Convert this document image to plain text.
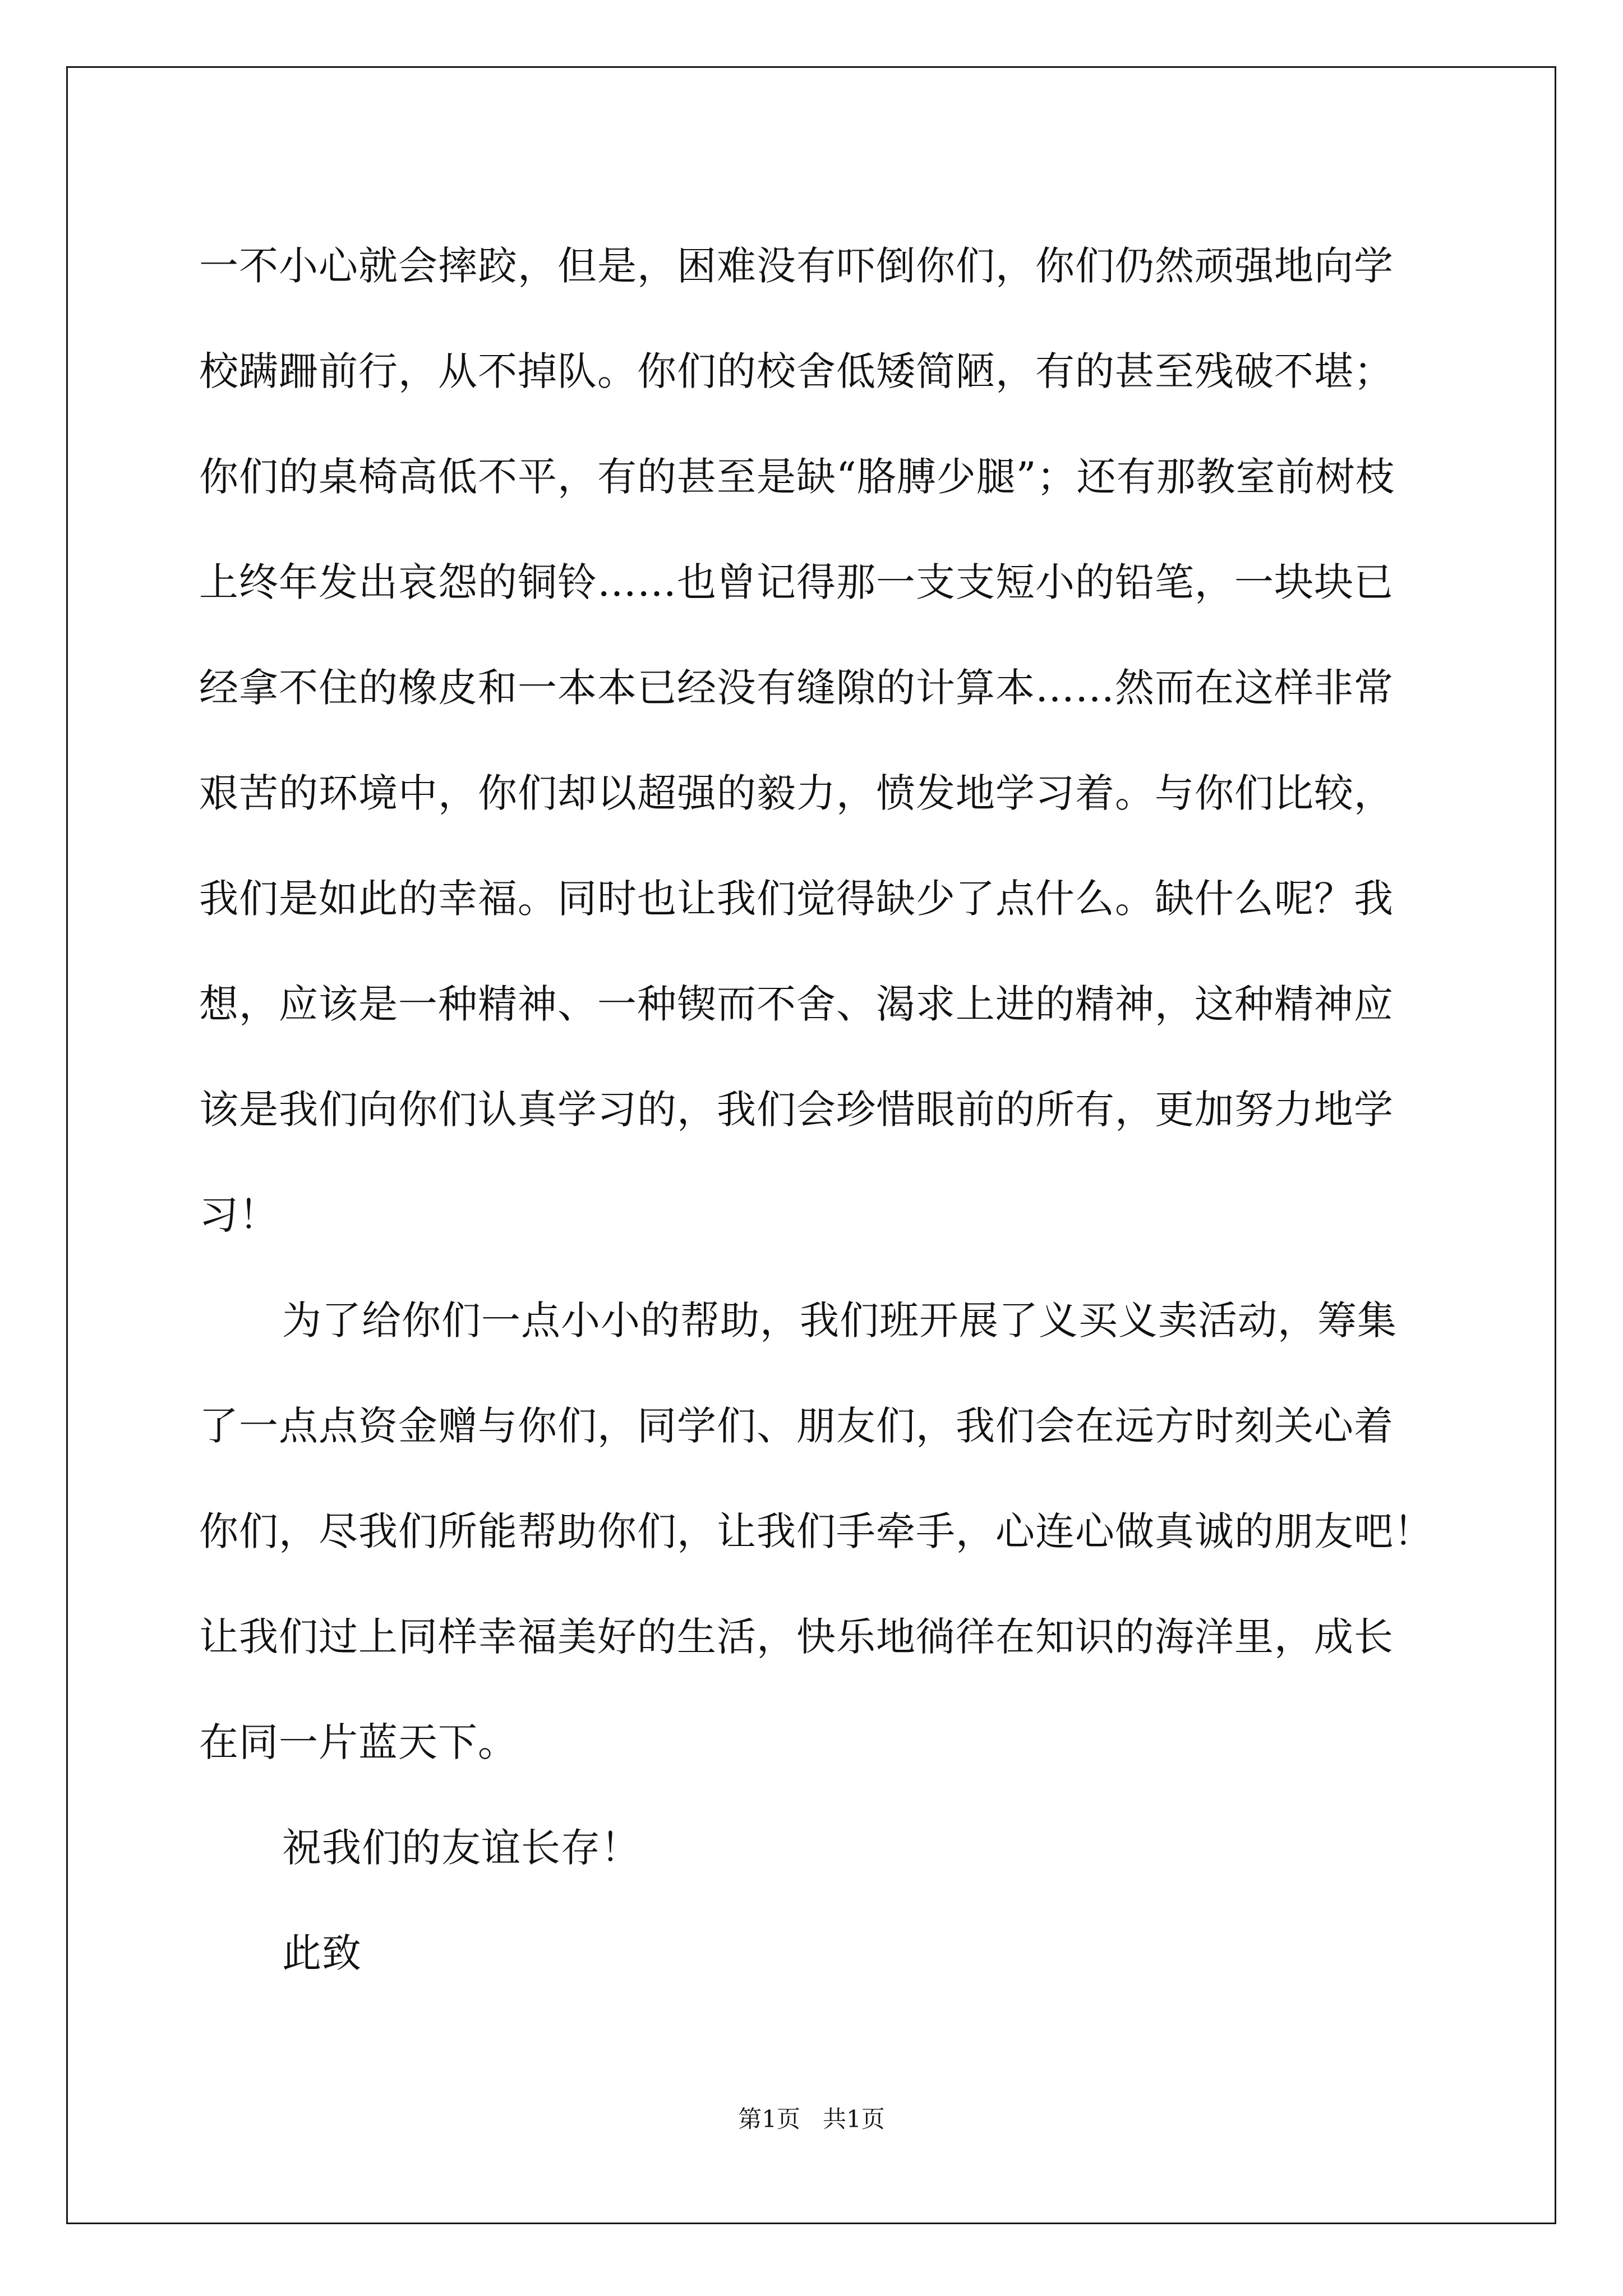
一不小心就会摔跤，但是，困难没有吓倒你们，你们仍然顽强地向学
校蹒跚前行，从不掉队。你们的校舍低矮简陋，有的甚至残破不堪；
你们的桌椅高低不平，有的甚至是缺“胳膊少腿”；还有那教室前树枝
上终年发出哀怨的铜铃……也曾记得那一支支短小的铅笔，一块块已
经拿不住的橡皮和一本本已经没有缝隙的计算本……然而在这样非常
艰苦的环境中，你们却以超强的毅力，愤发地学习着。与你们比较，
我们是如此的幸福。同时也让我们觉得缺少了点什么。缺什么呢？我
想，应该是一种精神、一种锲而不舍、渴求上进的精神，这种精神应
该是我们向你们认真学习的，我们会珍惜眼前的所有，更加努力地学
习！
为了给你们一点小小的帮助，我们班开展了义买义卖活动，筹集
了一点点资金赠与你们，同学们、朋友们，我们会在远方时刻关心着
你们，尽我们所能帮助你们，让我们手牵手，心连心做真诚的朋友吧！
让我们过上同样幸福美好的生活，快乐地徜徉在知识的海洋里，成长
在同一片蓝天下。
祝我们的友谊长存！
此致
第1页   共1页
